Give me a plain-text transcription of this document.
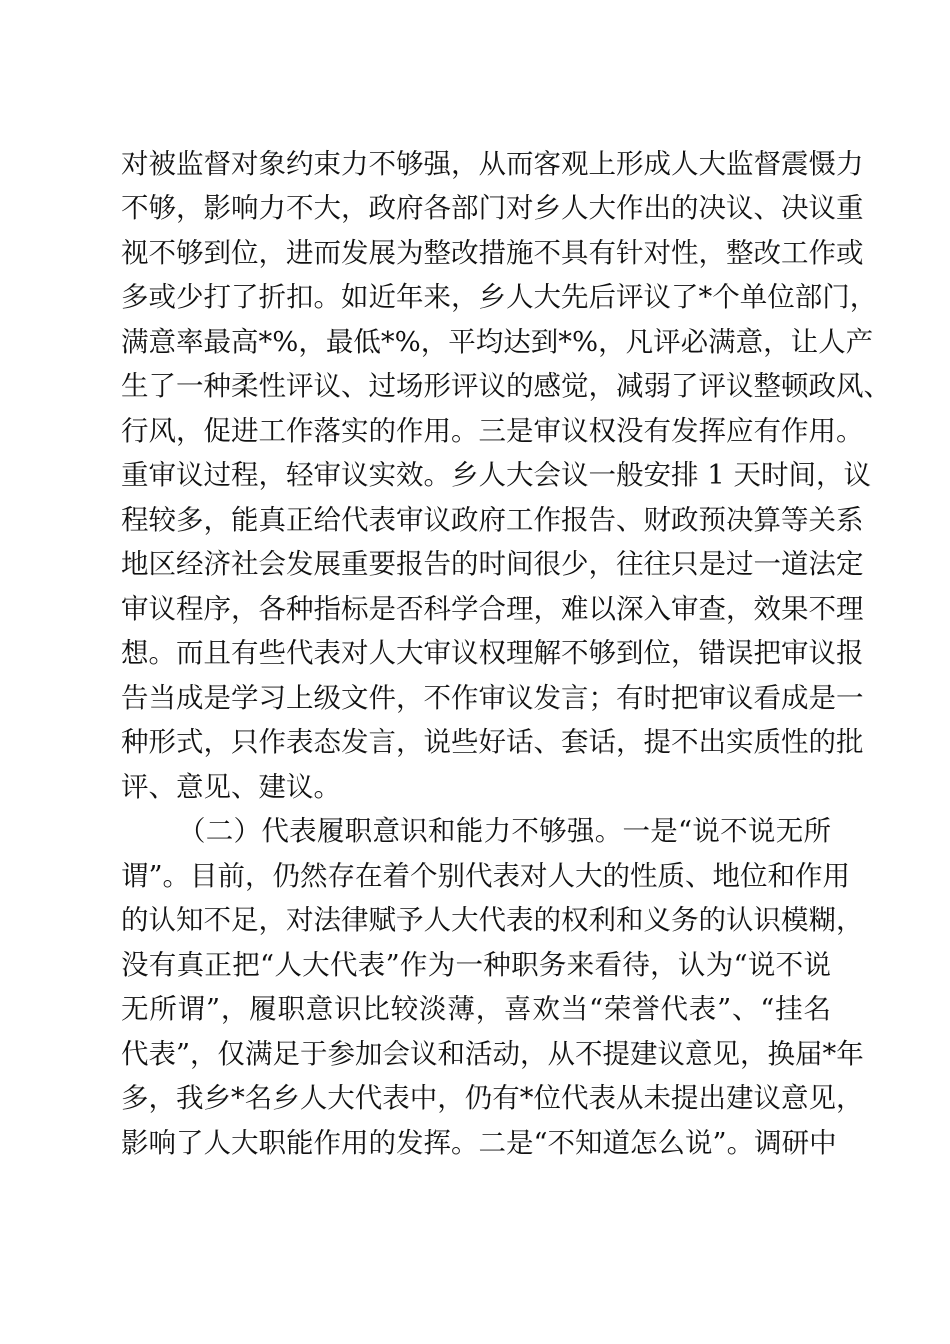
对被监督对象约束力不够强，从而客观上形成人大监督震慑力
不够，影响力不大，政府各部门对乡人大作出的决议、决议重
视不够到位，进而发展为整改措施不具有针对性，整改工作或
多或少打了折扣。如近年来，乡人大先后评议了*个单位部门，
满意率最高*%，最低*%，平均达到*%，凡评必满意，让人产
生了一种柔性评议、过场形评议的感觉，减弱了评议整顿政风、
行风，促进工作落实的作用。三是审议权没有发挥应有作用。
重审议过程，轻审议实效。乡人大会议一般安排 1 天时间，议
程较多，能真正给代表审议政府工作报告、财政预决算等关系
地区经济社会发展重要报告的时间很少，往往只是过一道法定
审议程序，各种指标是否科学合理，难以深入审查，效果不理
想。而且有些代表对人大审议权理解不够到位，错误把审议报
告当成是学习上级文件，不作审议发言；有时把审议看成是一
种形式，只作表态发言，说些好话、套话，提不出实质性的批
评、意见、建议。
（二）代表履职意识和能力不够强。一是“说不说无所
谓”。目前，仍然存在着个别代表对人大的性质、地位和作用
的认知不足，对法律赋予人大代表的权利和义务的认识模糊，
没有真正把“人大代表”作为一种职务来看待，认为“说不说
无所谓”，履职意识比较淡薄，喜欢当“荣誉代表”、“挂名
代表”，仅满足于参加会议和活动，从不提建议意见，换届*年
多，我乡*名乡人大代表中，仍有*位代表从未提出建议意见，
影响了人大职能作用的发挥。二是“不知道怎么说”。调研中
